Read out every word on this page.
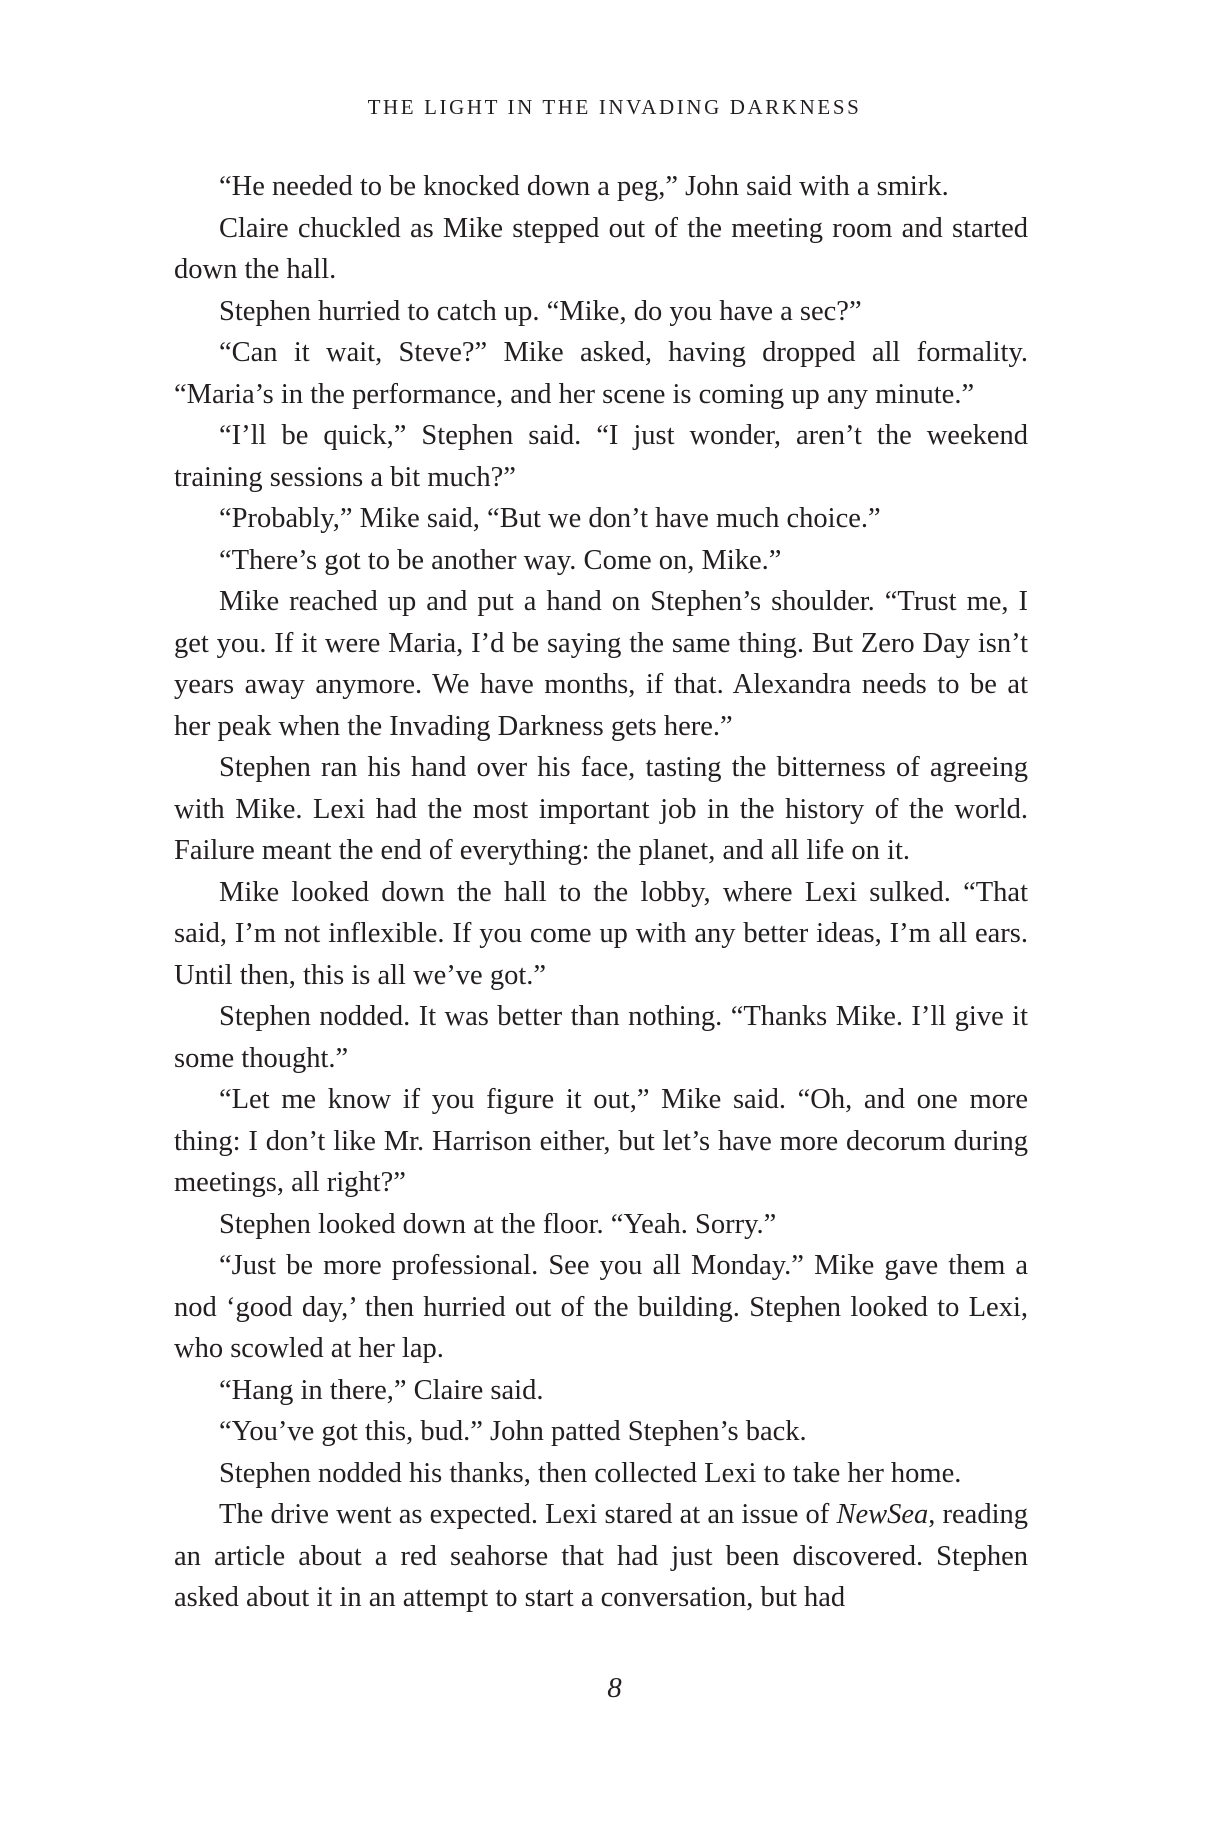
THE LIGHT IN THE INVADING DARKNESS

“He needed to be knocked down a peg,” John said with a smirk.

Claire chuckled as Mike stepped out of the meeting room and started down the hall.

Stephen hurried to catch up. “Mike, do you have a sec?”

“Can it wait, Steve?” Mike asked, having dropped all formality. “Maria’s in the performance, and her scene is coming up any minute.”

“I’ll be quick,” Stephen said. “I just wonder, aren’t the weekend training sessions a bit much?”

“Probably,” Mike said, “But we don’t have much choice.”

“There’s got to be another way. Come on, Mike.”

Mike reached up and put a hand on Stephen’s shoulder. “Trust me, I get you. If it were Maria, I’d be saying the same thing. But Zero Day isn’t years away anymore. We have months, if that. Alexandra needs to be at her peak when the Invading Darkness gets here.”

Stephen ran his hand over his face, tasting the bitterness of agreeing with Mike. Lexi had the most important job in the history of the world. Failure meant the end of everything: the planet, and all life on it.

Mike looked down the hall to the lobby, where Lexi sulked. “That said, I’m not inflexible. If you come up with any better ideas, I’m all ears. Until then, this is all we’ve got.”

Stephen nodded. It was better than nothing. “Thanks Mike. I’ll give it some thought.”

“Let me know if you figure it out,” Mike said. “Oh, and one more thing: I don’t like Mr. Harrison either, but let’s have more decorum during meetings, all right?”

Stephen looked down at the floor. “Yeah. Sorry.”

“Just be more professional. See you all Monday.” Mike gave them a nod ‘good day,’ then hurried out of the building. Stephen looked to Lexi, who scowled at her lap.

“Hang in there,” Claire said.

“You’ve got this, bud.” John patted Stephen’s back.

Stephen nodded his thanks, then collected Lexi to take her home.

The drive went as expected. Lexi stared at an issue of NewSea, reading an article about a red seahorse that had just been discovered. Stephen asked about it in an attempt to start a conversation, but had

8
